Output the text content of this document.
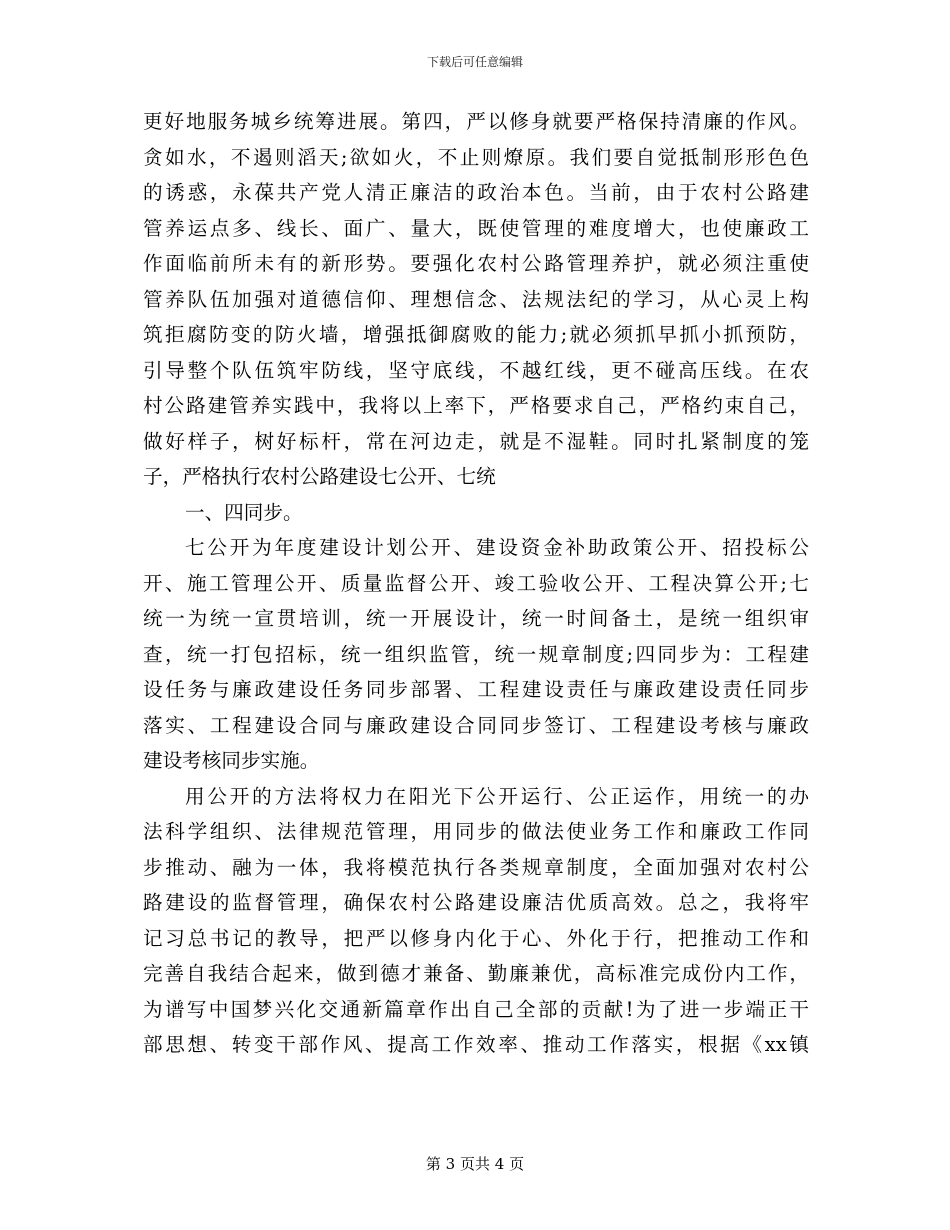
下载后可任意编辑

更好地服务城乡统筹进展。第四，严以修身就要严格保持清廉的作风。
贪如水，不遏则滔天;欲如火，不止则燎原。我们要自觉抵制形形色色
的诱惑，永葆共产党人清正廉洁的政治本色。当前，由于农村公路建
管养运点多、线长、面广、量大，既使管理的难度增大，也使廉政工
作面临前所未有的新形势。要强化农村公路管理养护，就必须注重使
管养队伍加强对道德信仰、理想信念、法规法纪的学习，从心灵上构
筑拒腐防变的防火墙，增强抵御腐败的能力;就必须抓早抓小抓预防，
引导整个队伍筑牢防线，坚守底线，不越红线，更不碰高压线。在农
村公路建管养实践中，我将以上率下，严格要求自己，严格约束自己，
做好样子，树好标杆，常在河边走，就是不湿鞋。同时扎紧制度的笼
子，严格执行农村公路建设七公开、七统

一、四同步。

七公开为年度建设计划公开、建设资金补助政策公开、招投标公
开、施工管理公开、质量监督公开、竣工验收公开、工程决算公开;七
统一为统一宣贯培训，统一开展设计，统一时间备土，是统一组织审
查，统一打包招标，统一组织监管，统一规章制度;四同步为：工程建
设任务与廉政建设任务同步部署、工程建设责任与廉政建设责任同步
落实、工程建设合同与廉政建设合同同步签订、工程建设考核与廉政
建设考核同步实施。

用公开的方法将权力在阳光下公开运行、公正运作，用统一的办
法科学组织、法律规范管理，用同步的做法使业务工作和廉政工作同
步推动、融为一体，我将模范执行各类规章制度，全面加强对农村公
路建设的监督管理，确保农村公路建设廉洁优质高效。总之，我将牢
记习总书记的教导，把严以修身内化于心、外化于行，把推动工作和
完善自我结合起来，做到德才兼备、勤廉兼优，高标准完成份内工作，
为谱写中国梦兴化交通新篇章作出自己全部的贡献!为了进一步端正干
部思想、转变干部作风、提高工作效率、推动工作落实，根据《xx镇

第 3 页共 4 页
